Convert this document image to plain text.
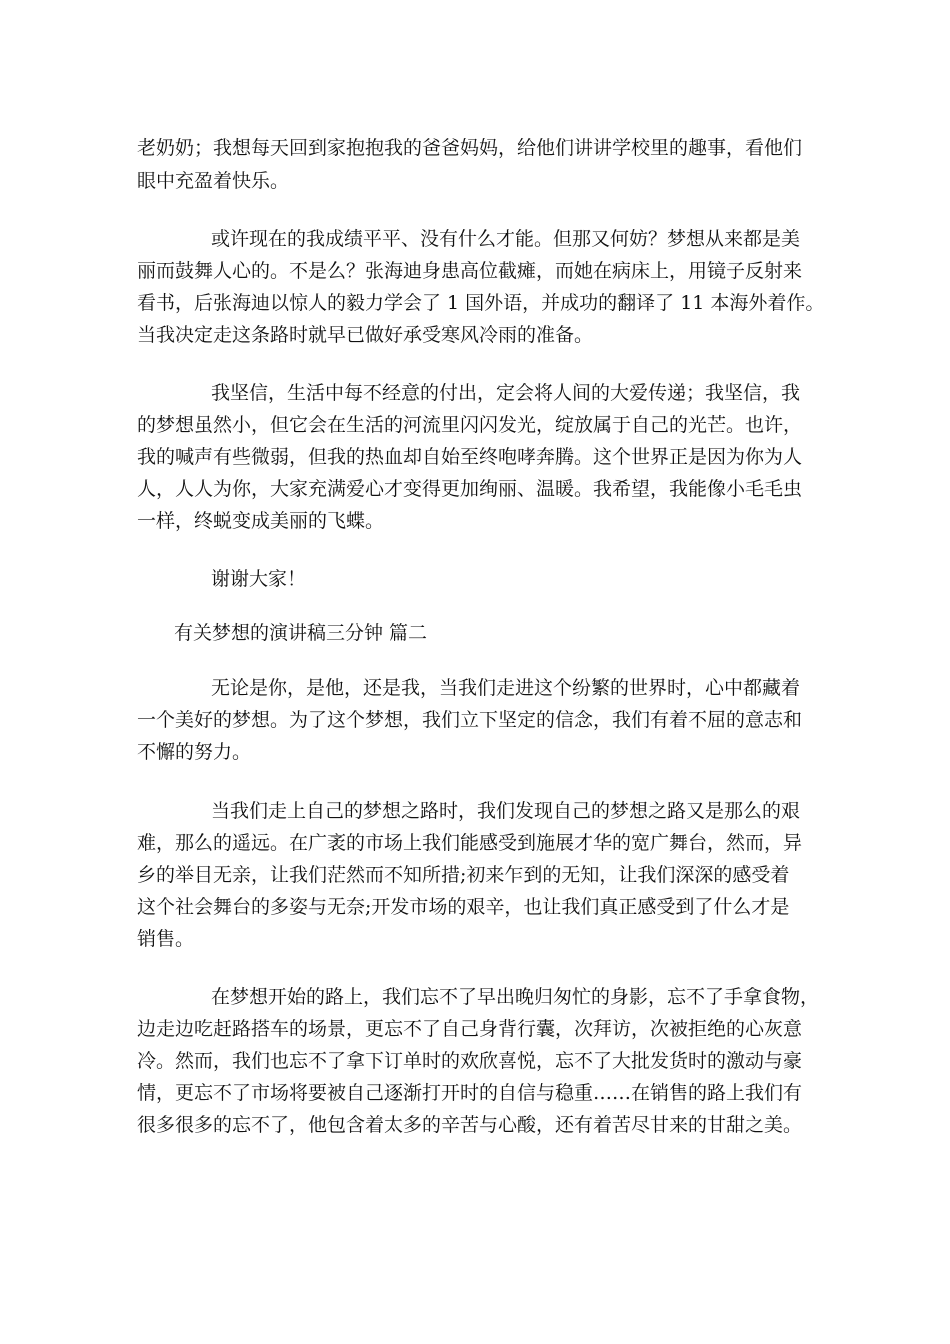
老奶奶；我想每天回到家抱抱我的爸爸妈妈，给他们讲讲学校里的趣事，看他们
眼中充盈着快乐。
或许现在的我成绩平平、没有什么才能。但那又何妨？梦想从来都是美
丽而鼓舞人心的。不是么？张海迪身患高位截瘫，而她在病床上，用镜子反射来
看书，后张海迪以惊人的毅力学会了 1 国外语，并成功的翻译了 11 本海外着作。
当我决定走这条路时就早已做好承受寒风冷雨的准备。
我坚信，生活中每不经意的付出，定会将人间的大爱传递；我坚信，我
的梦想虽然小，但它会在生活的河流里闪闪发光，绽放属于自己的光芒。也许，
我的喊声有些微弱，但我的热血却自始至终咆哮奔腾。这个世界正是因为你为人
人，人人为你，大家充满爱心才变得更加绚丽、温暖。我希望，我能像小毛毛虫
一样，终蜕变成美丽的飞蝶。
谢谢大家！
有关梦想的演讲稿三分钟 篇二
无论是你，是他，还是我，当我们走进这个纷繁的世界时，心中都藏着
一个美好的梦想。为了这个梦想，我们立下坚定的信念，我们有着不屈的意志和
不懈的努力。
当我们走上自己的梦想之路时，我们发现自己的梦想之路又是那么的艰
难，那么的遥远。在广袤的市场上我们能感受到施展才华的宽广舞台，然而，异
乡的举目无亲，让我们茫然而不知所措;初来乍到的无知，让我们深深的感受着
这个社会舞台的多姿与无奈;开发市场的艰辛，也让我们真正感受到了什么才是
销售。
在梦想开始的路上，我们忘不了早出晚归匆忙的身影，忘不了手拿食物，
边走边吃赶路搭车的场景，更忘不了自己身背行囊，次拜访，次被拒绝的心灰意
冷。然而，我们也忘不了拿下订单时的欢欣喜悦，忘不了大批发货时的激动与豪
情，更忘不了市场将要被自己逐渐打开时的自信与稳重……在销售的路上我们有
很多很多的忘不了，他包含着太多的辛苦与心酸，还有着苦尽甘来的甘甜之美。
